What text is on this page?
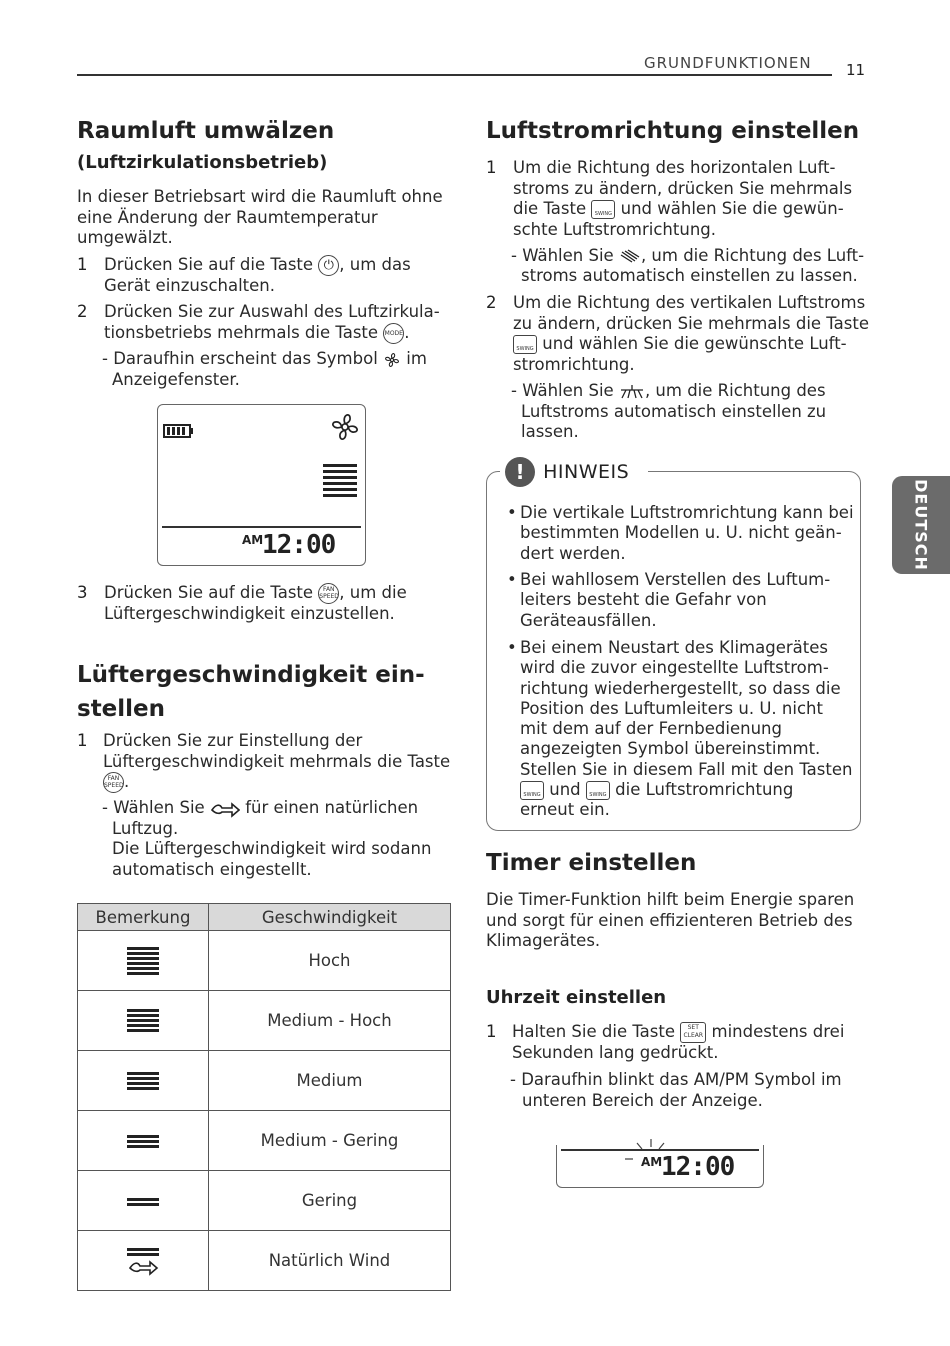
GRUNDFUNKTIONEN 11
DEUTSCH
Raumluft umwälzen
(Luftzirkulationsbetrieb)
In dieser Betriebsart wird die Raumluft ohne
eine Änderung der Raumtemperatur
umgewälzt.
1 Drücken Sie auf die Taste ⏻ , um das
Gerät einzuschalten.
2 Drücken Sie zur Auswahl des Luftzirkula-
tionsbetriebs mehrmals die Taste MODE.
- Daraufhin erscheint das Symbol im
Anzeigefenster.
AM
12:00
3 Drücken Sie auf die Taste FAN SPEED, um die
Lüftergeschwindigkeit einzustellen.
Lüftergeschwindigkeit ein-
stellen
1 Drücken Sie zur Einstellung der
Lüftergeschwindigkeit mehrmals die Taste
FAN SPEED.
- Wählen Sie für einen natürlichen
Luftzug.
Die Lüftergeschwindigkeit wird sodann
automatisch eingestellt.
Bemerkung	Geschwindigkeit

	Hoch

	Medium - Hoch

	Medium

	Medium - Gering

	Gering

	Natürlich Wind
Luftstromrichtung einstellen
1 Um die Richtung des horizontalen Luft-
stroms zu ändern, drücken Sie mehrmals
die Taste SWING und wählen Sie die gewün-
schte Luftstromrichtung.
- Wählen Sie , um die Richtung des Luft-
stroms automatisch einstellen zu lassen.
2 Um die Richtung des vertikalen Luftstroms
zu ändern, drücken Sie mehrmals die Taste
SWING und wählen Sie die gewünschte Luft-
stromrichtung.
- Wählen Sie , um die Richtung des
Luftstroms automatisch einstellen zu
lassen.
! HINWEIS
• Die vertikale Luftstromrichtung kann bei
bestimmten Modellen u. U. nicht geän-
dert werden.
• Bei wahllosem Verstellen des Luftum-
leiters besteht die Gefahr von
Geräteausfällen.
• Bei einem Neustart des Klimagerätes
wird die zuvor eingestellte Luftstrom-
richtung wiederhergestellt, so dass die
Position des Luftumleiters u. U. nicht
mit dem auf der Fernbedienung
angezeigten Symbol übereinstimmt.
Stellen Sie in diesem Fall mit den Tasten
SWING und SWING die Luftstromrichtung
erneut ein.
Timer einstellen
Die Timer-Funktion hilft beim Energie sparen
und sorgt für einen effizienteren Betrieb des
Klimagerätes.
Uhrzeit einstellen
1 Halten Sie die Taste SET CLEAR mindestens drei
Sekunden lang gedrückt.
- Daraufhin blinkt das AM/PM Symbol im
unteren Bereich der Anzeige.
AM
12:00
